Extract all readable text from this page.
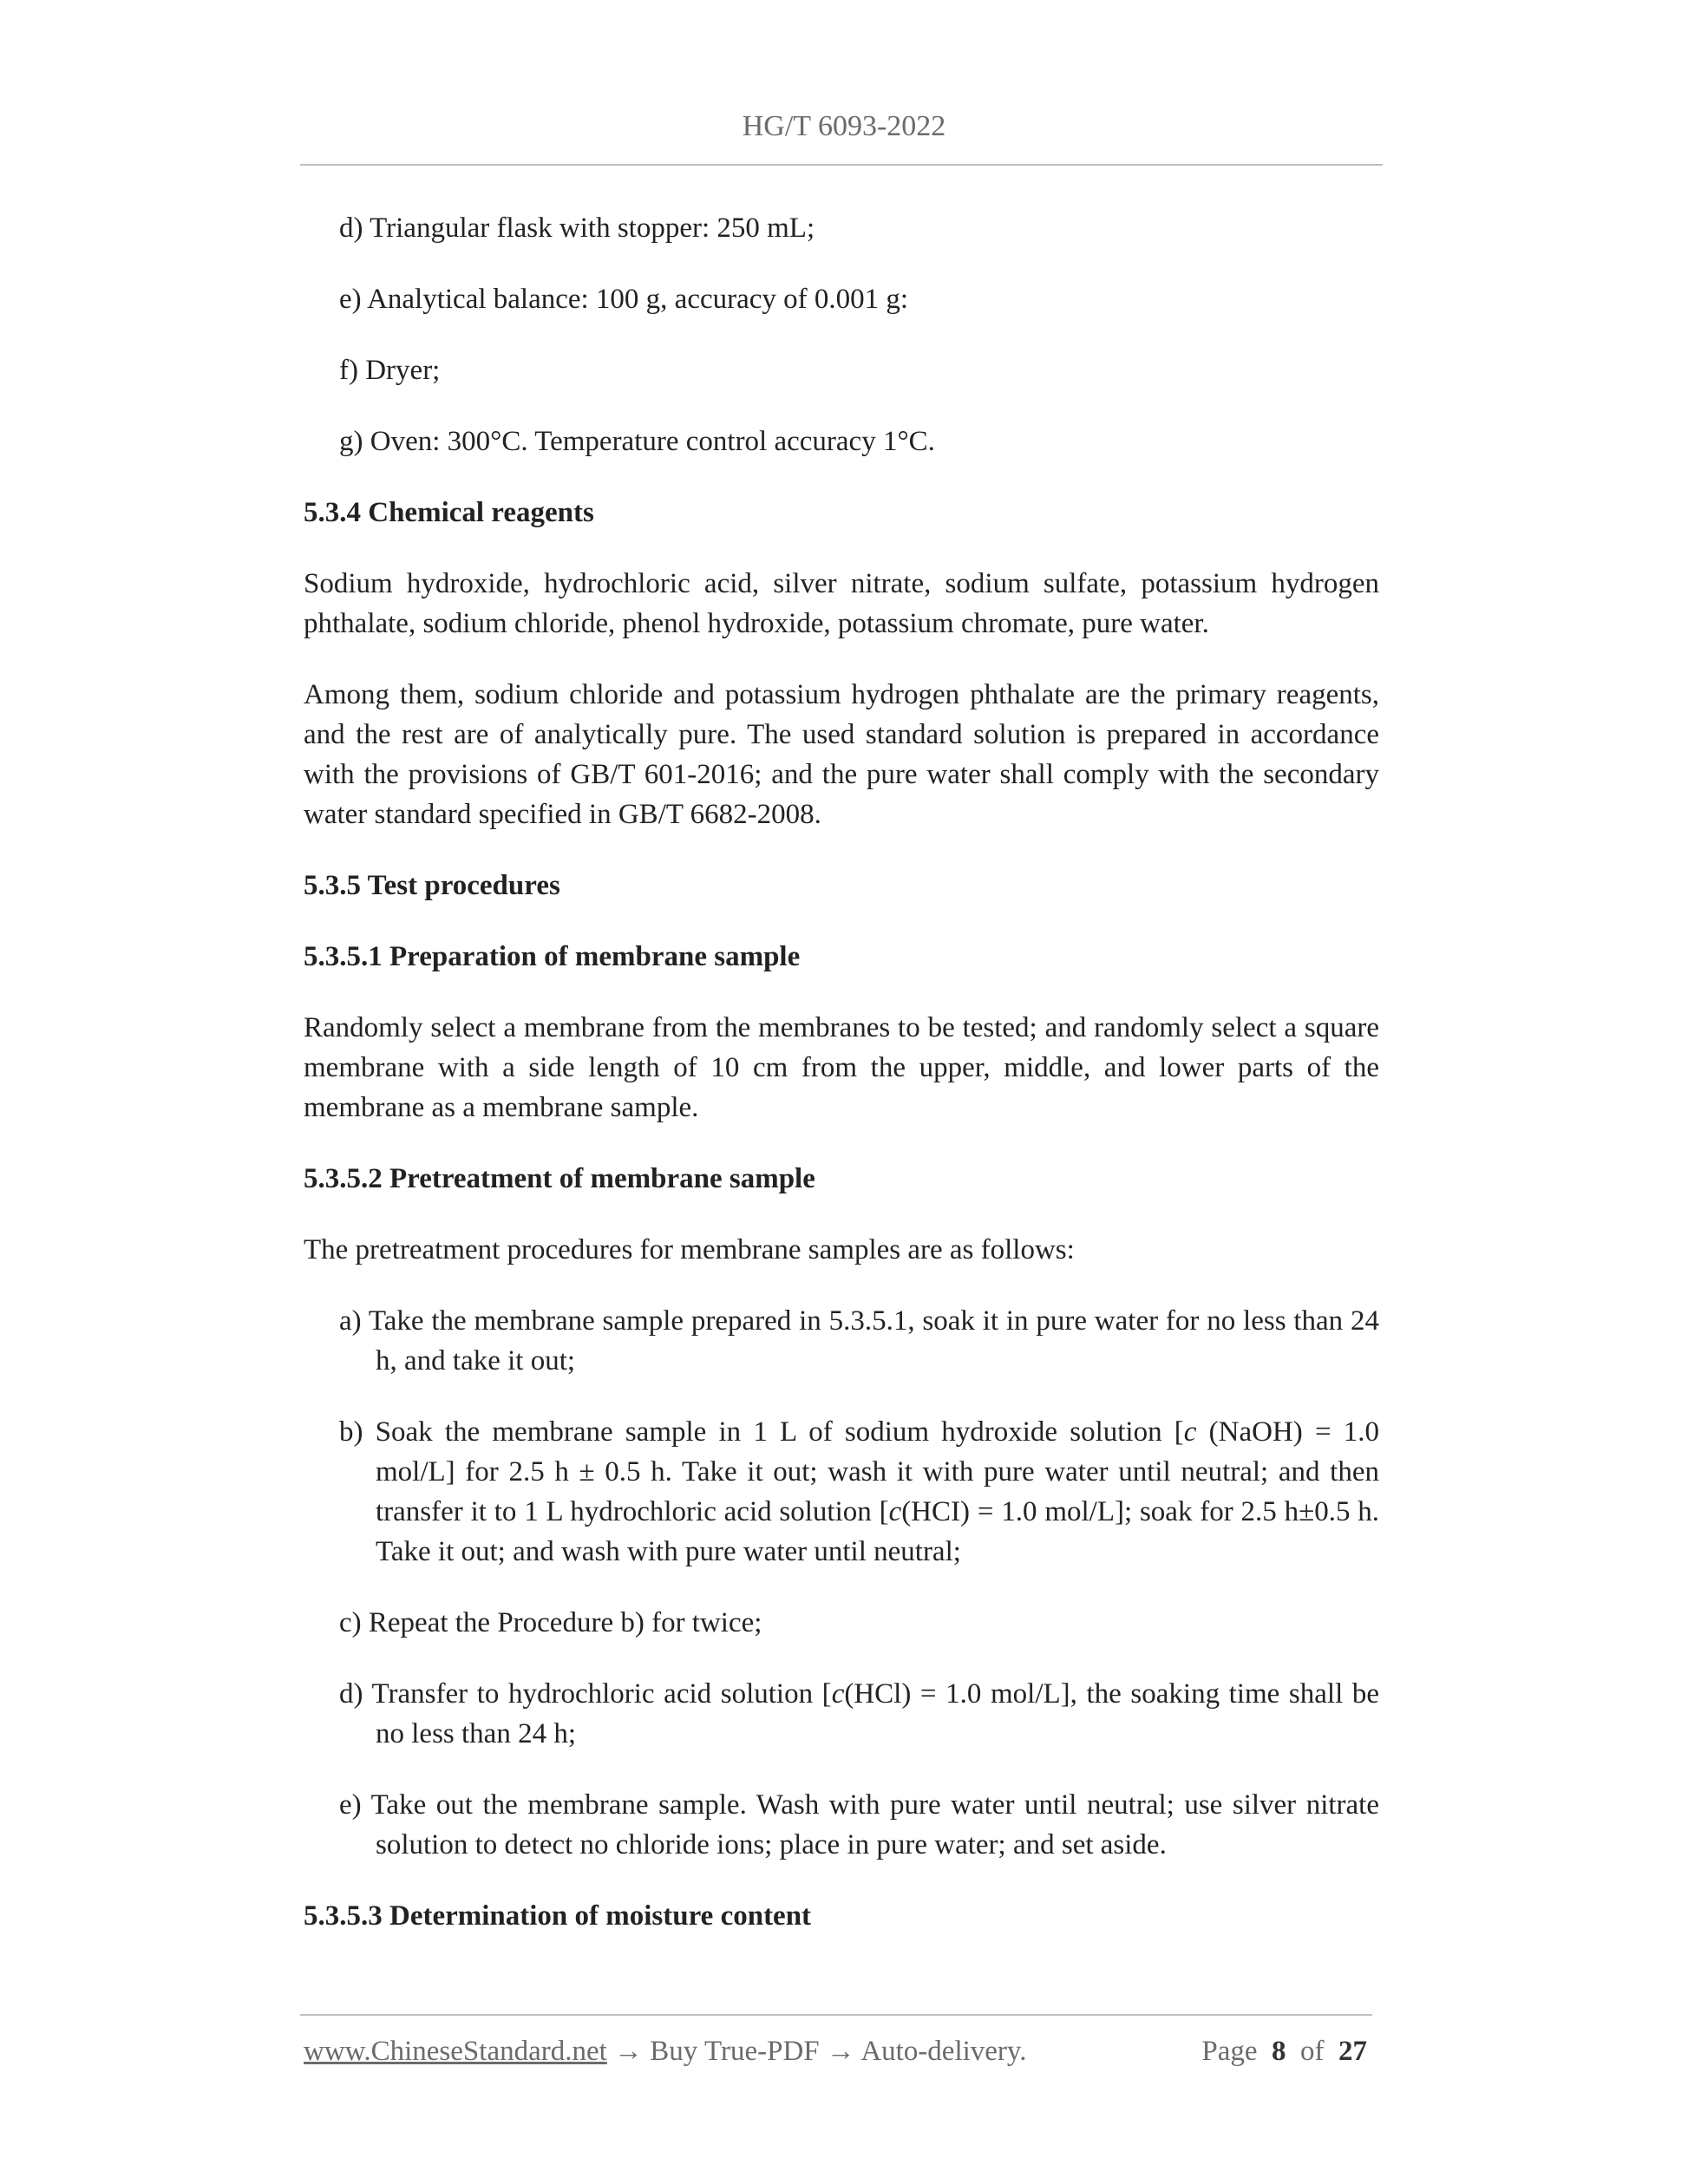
HG/T 6093-2022

d) Triangular flask with stopper: 250 mL;

e) Analytical balance: 100 g, accuracy of 0.001 g:

f) Dryer;

g) Oven: 300°C. Temperature control accuracy 1°C.

5.3.4 Chemical reagents

Sodium hydroxide, hydrochloric acid, silver nitrate, sodium sulfate, potassium hydrogen phthalate, sodium chloride, phenol hydroxide, potassium chromate, pure water.

Among them, sodium chloride and potassium hydrogen phthalate are the primary reagents, and the rest are of analytically pure. The used standard solution is prepared in accordance with the provisions of GB/T 601-2016; and the pure water shall comply with the secondary water standard specified in GB/T 6682-2008.

5.3.5 Test procedures

5.3.5.1 Preparation of membrane sample

Randomly select a membrane from the membranes to be tested; and randomly select a square membrane with a side length of 10 cm from the upper, middle, and lower parts of the membrane as a membrane sample.

5.3.5.2 Pretreatment of membrane sample

The pretreatment procedures for membrane samples are as follows:

a) Take the membrane sample prepared in 5.3.5.1, soak it in pure water for no less than 24 h, and take it out;

b) Soak the membrane sample in 1 L of sodium hydroxide solution [c (NaOH) = 1.0 mol/L] for 2.5 h ± 0.5 h. Take it out; wash it with pure water until neutral; and then transfer it to 1 L hydrochloric acid solution [c(HCI) = 1.0 mol/L]; soak for 2.5 h±0.5 h. Take it out; and wash with pure water until neutral;

c) Repeat the Procedure b) for twice;

d) Transfer to hydrochloric acid solution [c(HCl) = 1.0 mol/L], the soaking time shall be no less than 24 h;

e) Take out the membrane sample. Wash with pure water until neutral; use silver nitrate solution to detect no chloride ions; place in pure water; and set aside.

5.3.5.3 Determination of moisture content

www.ChineseStandard.net → Buy True-PDF → Auto-delivery.	Page 8 of 27
